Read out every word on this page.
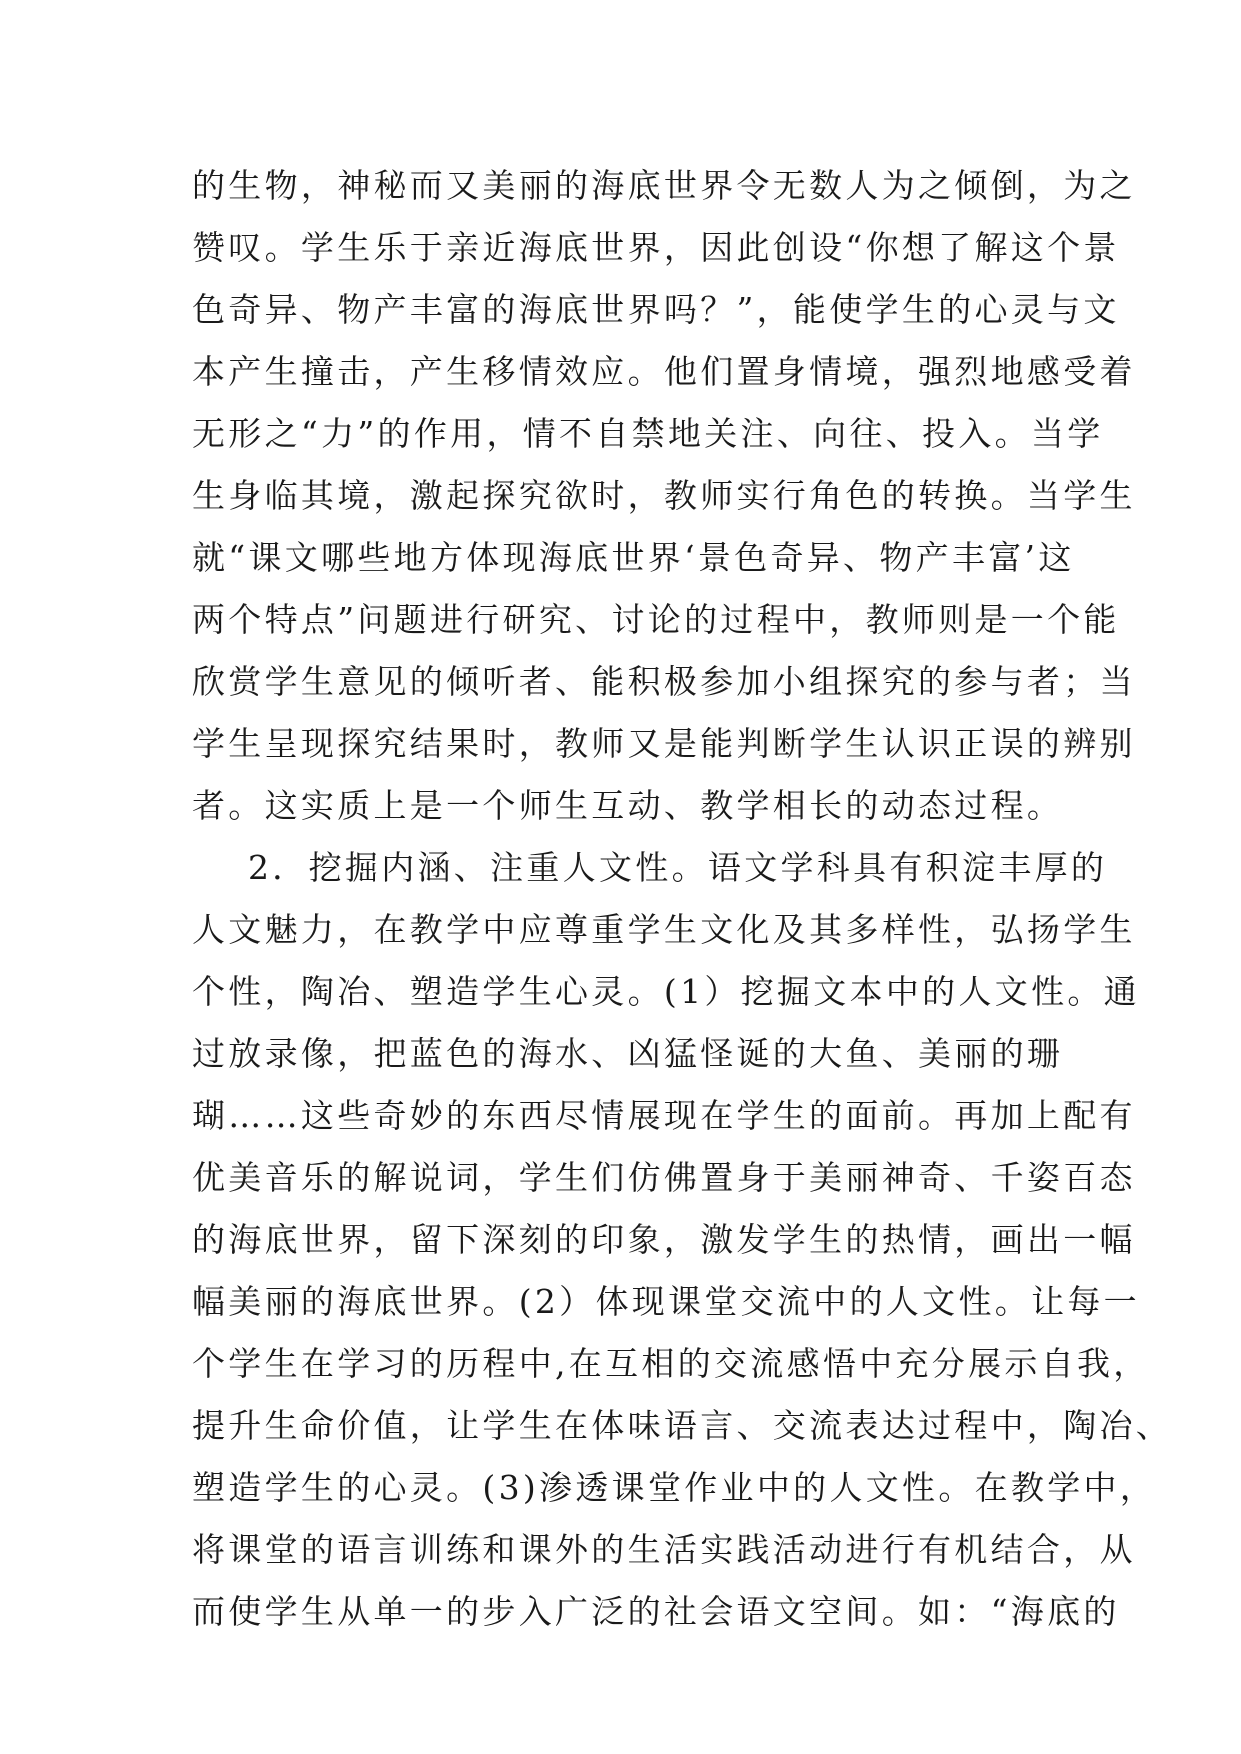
的生物，神秘而又美丽的海底世界令无数人为之倾倒，为之
赞叹。学生乐于亲近海底世界，因此创设“你想了解这个景
色奇异、物产丰富的海底世界吗？”，能使学生的心灵与文
本产生撞击，产生移情效应。他们置身情境，强烈地感受着
无形之“力”的作用，情不自禁地关注、向往、投入。当学
生身临其境，激起探究欲时，教师实行角色的转换。当学生
就“课文哪些地方体现海底世界‘景色奇异、物产丰富’这
两个特点”问题进行研究、讨论的过程中，教师则是一个能
欣赏学生意见的倾听者、能积极参加小组探究的参与者；当
学生呈现探究结果时，教师又是能判断学生认识正误的辨别
者。这实质上是一个师生互动、教学相长的动态过程。
2．挖掘内涵、注重人文性。语文学科具有积淀丰厚的
人文魅力，在教学中应尊重学生文化及其多样性，弘扬学生
个性，陶冶、塑造学生心灵。(1）挖掘文本中的人文性。通
过放录像，把蓝色的海水、凶猛怪诞的大鱼、美丽的珊
瑚……这些奇妙的东西尽情展现在学生的面前。再加上配有
优美音乐的解说词，学生们仿佛置身于美丽神奇、千姿百态
的海底世界，留下深刻的印象，激发学生的热情，画出一幅
幅美丽的海底世界。(2）体现课堂交流中的人文性。让每一
个学生在学习的历程中,在互相的交流感悟中充分展示自我，
提升生命价值，让学生在体味语言、交流表达过程中，陶冶、
塑造学生的心灵。(3)渗透课堂作业中的人文性。在教学中，
将课堂的语言训练和课外的生活实践活动进行有机结合，从
而使学生从单一的步入广泛的社会语文空间。如：“海底的
